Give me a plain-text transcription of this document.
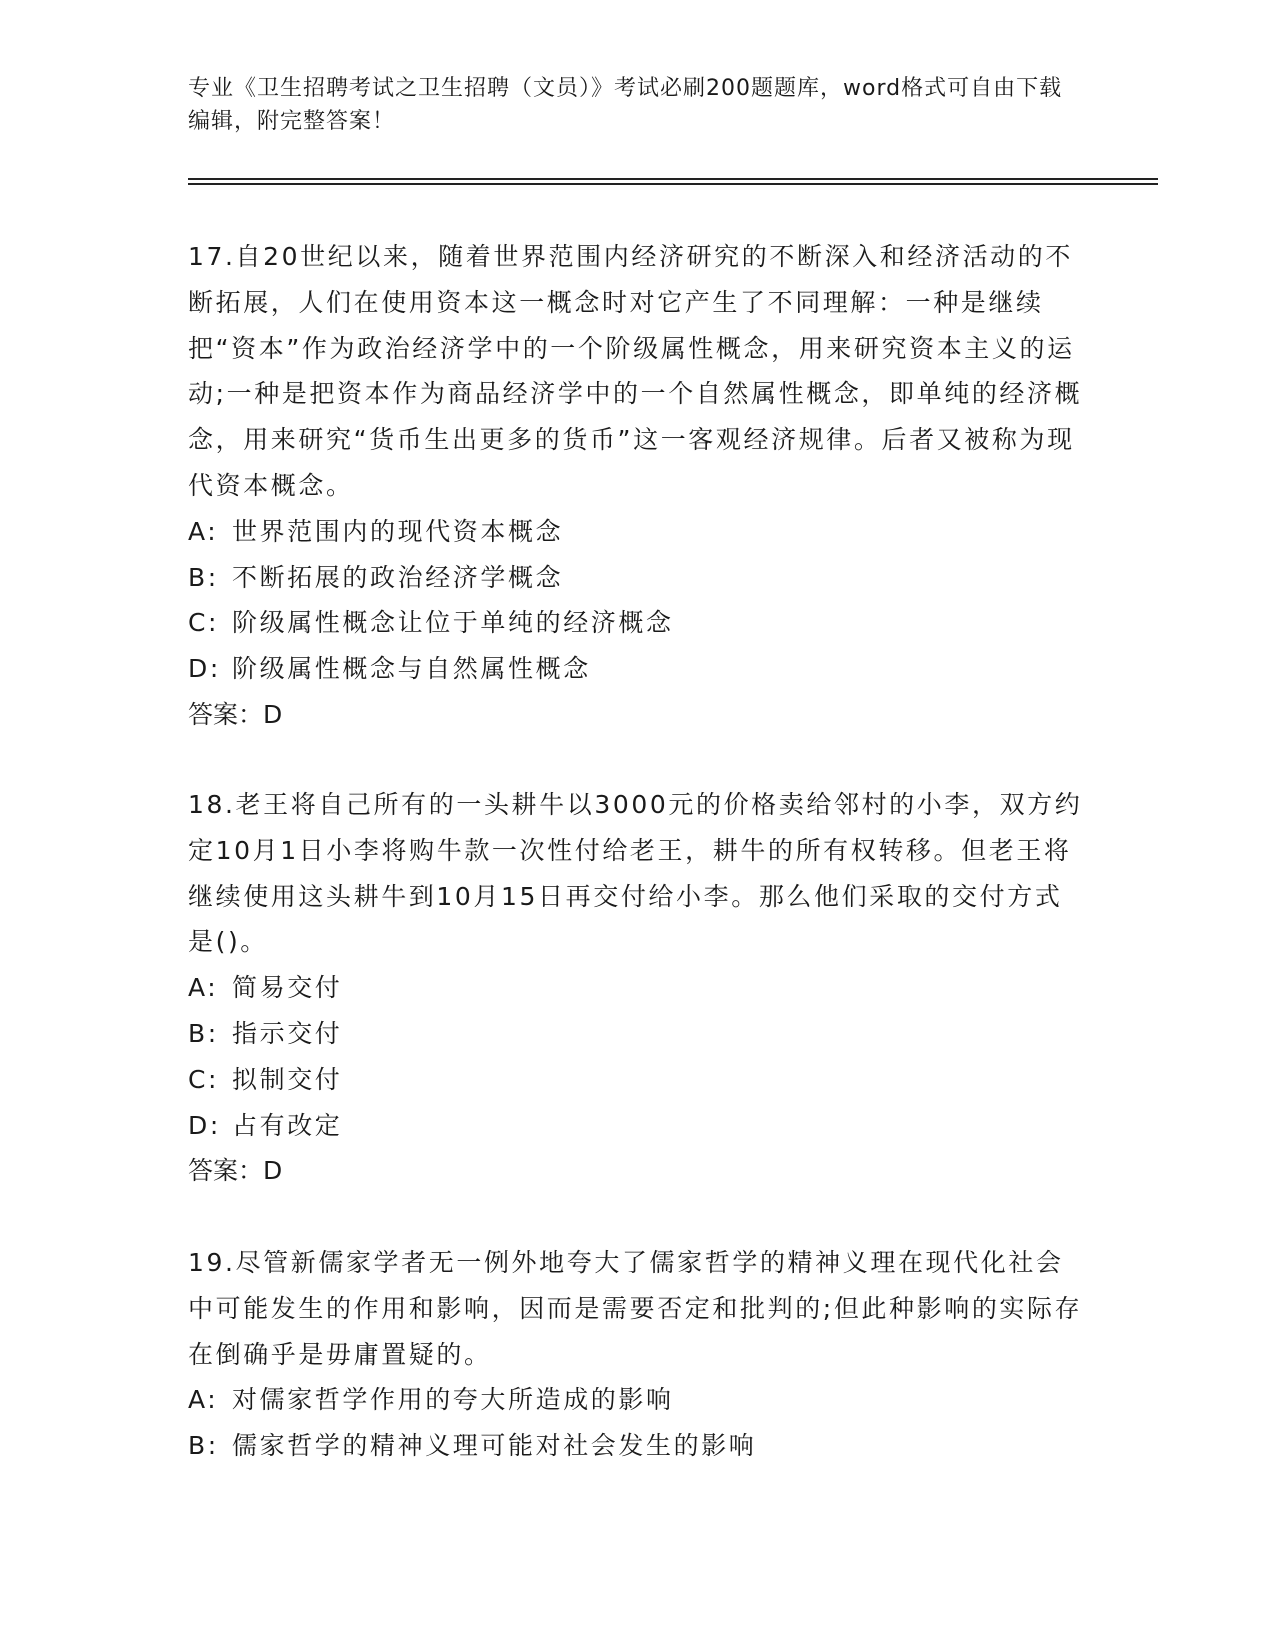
专业《卫生招聘考试之卫生招聘（文员）》考试必刷200题题库，word格式可自由下载编辑，附完整答案！

17.自20世纪以来，随着世界范围内经济研究的不断深入和经济活动的不断拓展，人们在使用资本这一概念时对它产生了不同理解：一种是继续把“资本”作为政治经济学中的一个阶级属性概念，用来研究资本主义的运动;一种是把资本作为商品经济学中的一个自然属性概念，即单纯的经济概念，用来研究“货币生出更多的货币”这一客观经济规律。后者又被称为现代资本概念。

A: 世界范围内的现代资本概念

B: 不断拓展的政治经济学概念

C: 阶级属性概念让位于单纯的经济概念

D: 阶级属性概念与自然属性概念

答案：D

18.老王将自己所有的一头耕牛以3000元的价格卖给邻村的小李，双方约定10月1日小李将购牛款一次性付给老王，耕牛的所有权转移。但老王将继续使用这头耕牛到10月15日再交付给小李。那么他们采取的交付方式是()。

A: 简易交付

B: 指示交付

C: 拟制交付

D: 占有改定

答案：D

19.尽管新儒家学者无一例外地夸大了儒家哲学的精神义理在现代化社会中可能发生的作用和影响，因而是需要否定和批判的;但此种影响的实际存在倒确乎是毋庸置疑的。

A: 对儒家哲学作用的夸大所造成的影响

B: 儒家哲学的精神义理可能对社会发生的影响
